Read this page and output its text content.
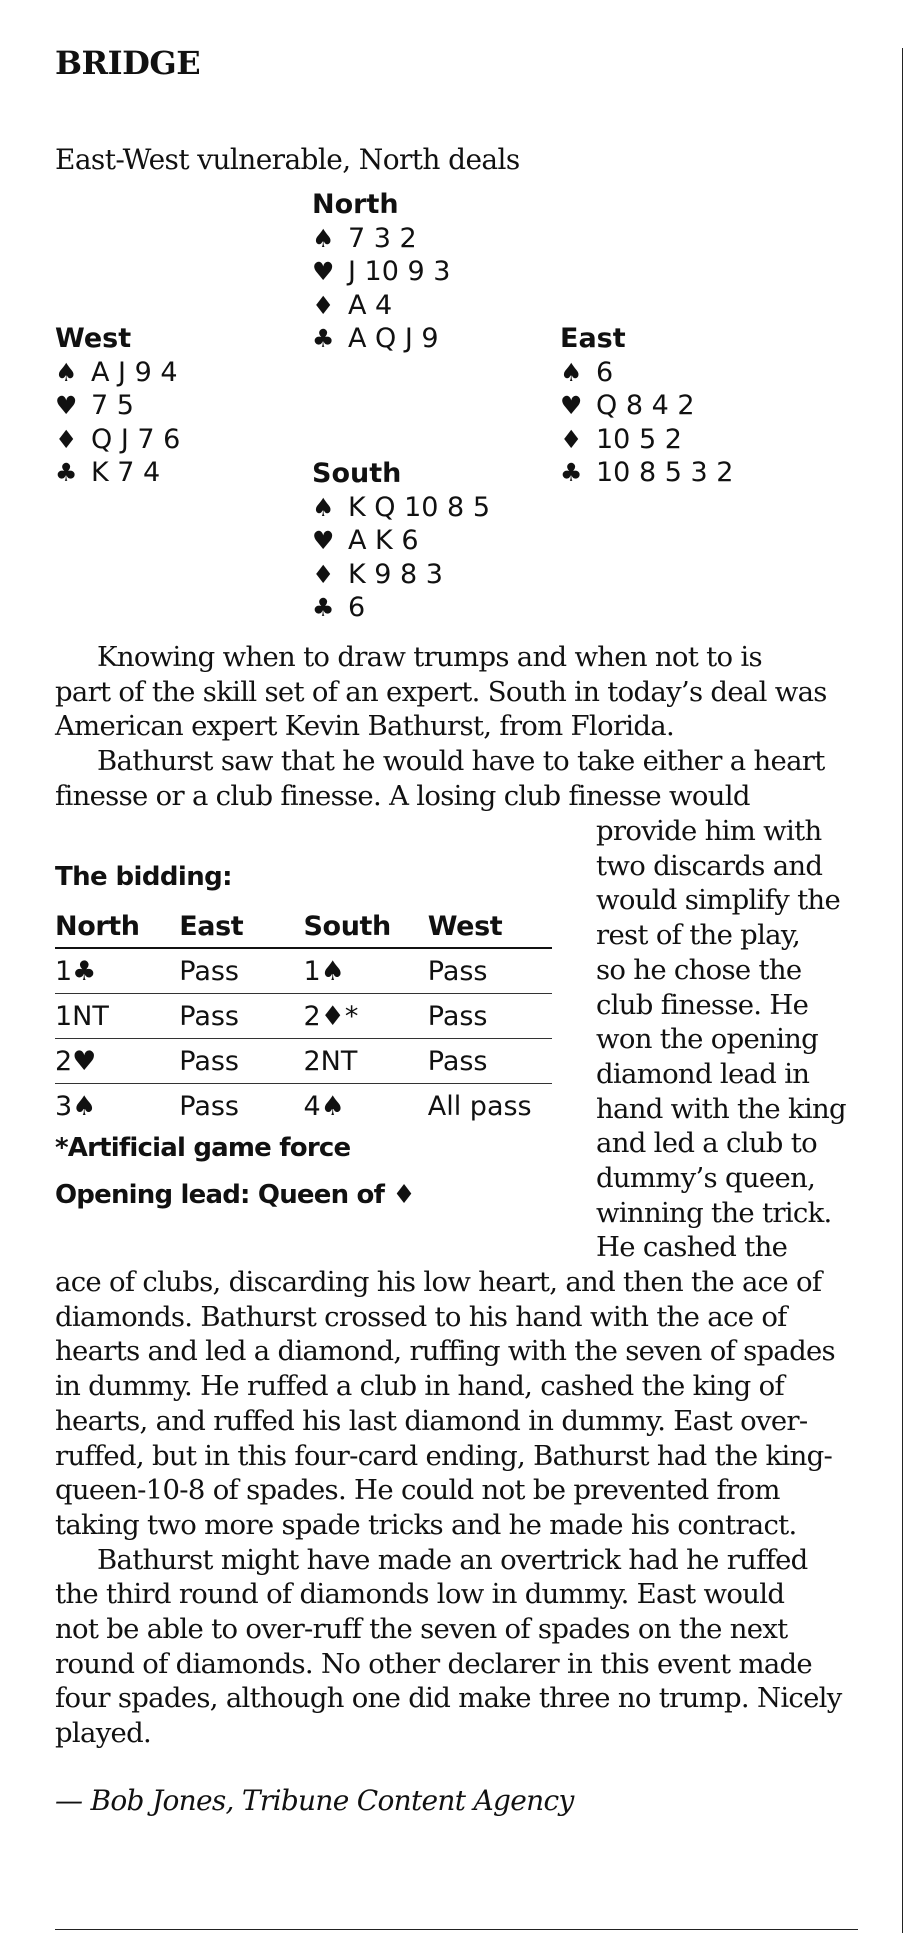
BRIDGE
East-West vulnerable, North deals
North
♠ 7 3 2
♥ J 10 9 3
♦ A 4
♣ A Q J 9
West
♠ A J 9 4
♥ 7 5
♦ Q J 7 6
♣ K 7 4
East
♠ 6
♥ Q 8 4 2
♦ 10 5 2
♣ 10 8 5 3 2
South
♠ K Q 10 8 5
♥ A K 6
♦ K 9 8 3
♣ 6

Knowing when to draw trumps and when not to is
part of the skill set of an expert. South in today’s deal was
American expert Kevin Bathurst, from Florida.
Bathurst saw that he would have to take either a heart
finesse or a club finesse. A losing club finesse would

provide him with
two discards and
would simplify the
rest of the play,
so he chose the
club finesse. He
won the opening
diamond lead in
hand with the king
and led a club to
dummy’s queen,
winning the trick.
He cashed the

The bidding:
North	East	South	West
1♣	Pass	1♠	Pass
1NT	Pass	2♦*	Pass
2♥	Pass	2NT	Pass
3♠	Pass	4♠	All pass
*Artificial game force
Opening lead: Queen of ♦

ace of clubs, discarding his low heart, and then the ace of
diamonds. Bathurst crossed to his hand with the ace of
hearts and led a diamond, ruffing with the seven of spades
in dummy. He ruffed a club in hand, cashed the king of
hearts, and ruffed his last diamond in dummy. East over-
ruffed, but in this four-card ending, Bathurst had the king-
queen-10-8 of spades. He could not be prevented from
taking two more spade tricks and he made his contract.
Bathurst might have made an overtrick had he ruffed
the third round of diamonds low in dummy. East would
not be able to over-ruff the seven of spades on the next
round of diamonds. No other declarer in this event made
four spades, although one did make three no trump. Nicely
played.

— Bob Jones, Tribune Content Agency
